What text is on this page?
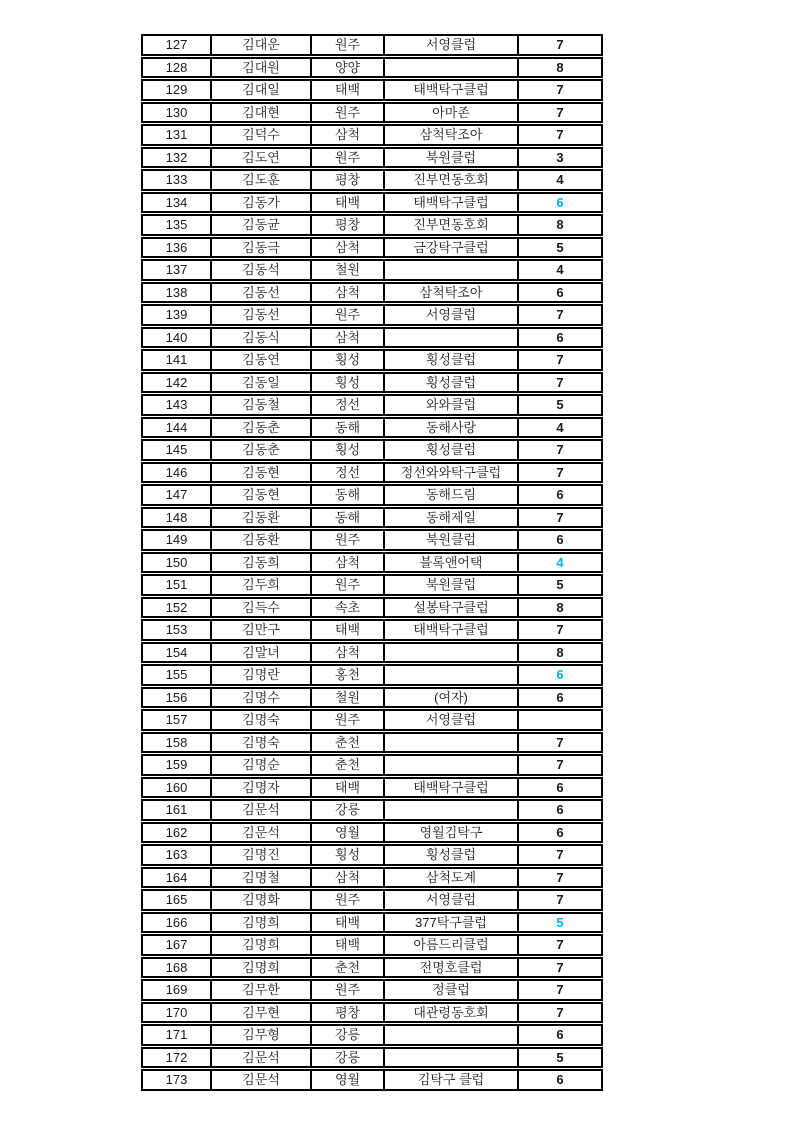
127	김대운	원주	서영클럽	7
128	김대원	양양		8
129	김대일	태백	태백탁구클럽	7
130	김대현	원주	아마존	7
131	김덕수	삼척	삼척탁조아	7
132	김도연	원주	북원클럽	3
133	김도훈	평창	진부면동호회	4
134	김동가	태백	태백탁구클럽	6
135	김동균	평창	진부면동호회	8
136	김동극	삼척	금강탁구클럽	5
137	김동석	철원		4
138	김동선	삼척	삼척탁조아	6
139	김동선	원주	서영클럽	7
140	김동식	삼척		6
141	김동연	횡성	횡성클럽	7
142	김동일	횡성	횡성클럽	7
143	김동철	정선	와와클럽	5
144	김동춘	동해	동해사랑	4
145	김동춘	횡성	횡성클럽	7
146	김동현	정선	정선와와탁구클럽	7
147	김동현	동해	동해드림	6
148	김동환	동해	동해제일	7
149	김동환	원주	북원클럽	6
150	김동희	삼척	블록앤어택	4
151	김두희	원주	북원클럽	5
152	김득수	속초	설봉탁구클럽	8
153	김만구	태백	태백탁구클럽	7
154	김말녀	삼척		8
155	김명란	홍천		6
156	김명수	철원	(여자)	6
157	김명숙	원주	서영클럽	
158	김명숙	춘천		7
159	김명순	춘천		7
160	김명자	태백	태백탁구클럽	6
161	김문석	강릉		6
162	김문석	영월	영월김탁구	6
163	김명진	횡성	횡성클럽	7
164	김명철	삼척	삼척도계	7
165	김명화	원주	서영클럽	7
166	김명희	태백	377탁구클럽	5
167	김명희	태백	아름드리클럽	7
168	김명희	춘천	전명호클럽	7
169	김무한	원주	정클럽	7
170	김무현	평창	대관령동호회	7
171	김무형	강릉		6
172	김문석	강릉		5
173	김문석	영월	김탁구 클럽	6
